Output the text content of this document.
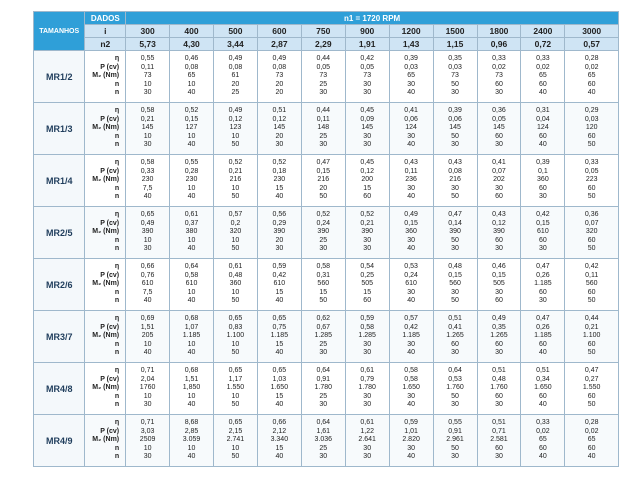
TAMANHOS	DADOS	n1 = 1720 RPM										
	i	300	400	500	600	750	900	1200	1500	1800	2400	3000
	n2	5,73	4,30	3,44	2,87	2,29	1,91	1,43	1,15	0,96	0,72	0,57
MR1/2	η
P (cv)
M₂ (Nm)
n
n	0,55
0,11
73
10
30	0,46
0,08
65
10
40	0,49
0,08
61
20
25	0,49
0,08
73
20
20	0,44
0,05
73
25
30	0,42
0,05
73
30
30	0,39
0,03
65
30
40	0,35
0,03
73
50
30	0,33
0,02
73
60
30	0,33
0,02
65
60
40	0,28
0,02
65
60
40
MR1/3	η
P (cv)
M₂ (Nm)
n
n	0,58
0,21
145
10
30	0,52
0,15
127
10
40	0,49
0,12
123
10
50	0,51
0,12
145
20
30	0,44
0,11
148
25
30	0,45
0,09
145
30
30	0,41
0,06
124
30
40	0,39
0,06
145
50
30	0,36
0,05
145
60
30	0,31
0,04
124
60
40	0,29
0,03
120
60
50
MR1/4	η
P (cv)
M₂ (Nm)
n
n	0,58
0,33
230
7,5
40	0,55
0,28
230
10
40	0,52
0,21
216
10
50	0,52
0,18
230
15
40	0,47
0,15
216
20
50	0,45
0,12
200
15
60	0,43
0,11
236
30
40	0,43
0,08
216
30
50	0,41
0,07
202
30
60	0,39
0,1
360
60
30	0,33
0,05
223
60
50
MR2/5	η
P (cv)
M₂ (Nm)
n
n	0,65
0,49
390
10
30	0,61
0,37
380
10
40	0,57
0,2
320
10
50	0,56
0,29
390
20
30	0,52
0,24
390
25
30	0,52
0,21
390
30
30	0,49
0,15
360
30
40	0,47
0,14
390
50
30	0,43
0,12
390
60
30	0,42
0,15
610
60
30	0,36
0,07
320
60
50
MR2/6	η
P (cv)
M₂ (Nm)
n
n	0,66
0,76
610
7,5
40	0,64
0,58
610
10
40	0,61
0,48
360
10
50	0,59
0,42
610
15
40	0,58
0,31
560
15
50	0,54
0,25
505
15
60	0,53
0,24
610
30
40	0,48
0,15
560
30
50	0,46
0,15
505
30
60	0,47
0,26
1.185
60
30	0,42
0,11
560
60
50
MR3/7	η
P (cv)
M₂ (Nm)
n
n	0,69
1,51
205
10
40	0,68
1,07
1.185
10
40	0,65
0,83
1.100
10
50	0,65
0,75
1.185
15
40	0,62
0,67
1.285
25
30	0,59
0,58
1.285
30
30	0,57
0,42
1.185
30
40	0,51
0,41
1.265
60
30	0,49
0,35
1.265
60
30	0,47
0,26
1.185
60
40	0,44
0,21
1.100
60
50
MR4/8	η
P (cv)
M₂ (Nm)
n
n	0,71
2,04
1760
10
30	0,68
1,51
1,850
10
40	0,65
1,17
1.550
10
50	0,65
1,03
1.650
15
40	0,64
0,91
1.780
25
30	0,61
0,79
1.780
30
30	0,58
0,58
1.650
30
40	0,64
0,53
1.760
50
30	0,51
0,48
1.760
60
30	0,51
0,34
1.650
60
40	0,47
0,27
1.550
60
50
MR4/9	η
P (cv)
M₂ (Nm)
n
n	0,71
3,03
2509
10
30	8,68
2,85
3.059
10
40	0,65
2,15
2.741
10
50	0,66
2,12
3.340
15
40	0,64
1,61
3.036
25
30	0,61
1,22
2.641
30
30	0,59
1,01
2.820
30
40	0,55
0,91
2.961
50
30	0,51
0,71
2.581
60
30	0,33
0,02
65
60
40	0,28
0,02
65
60
40
